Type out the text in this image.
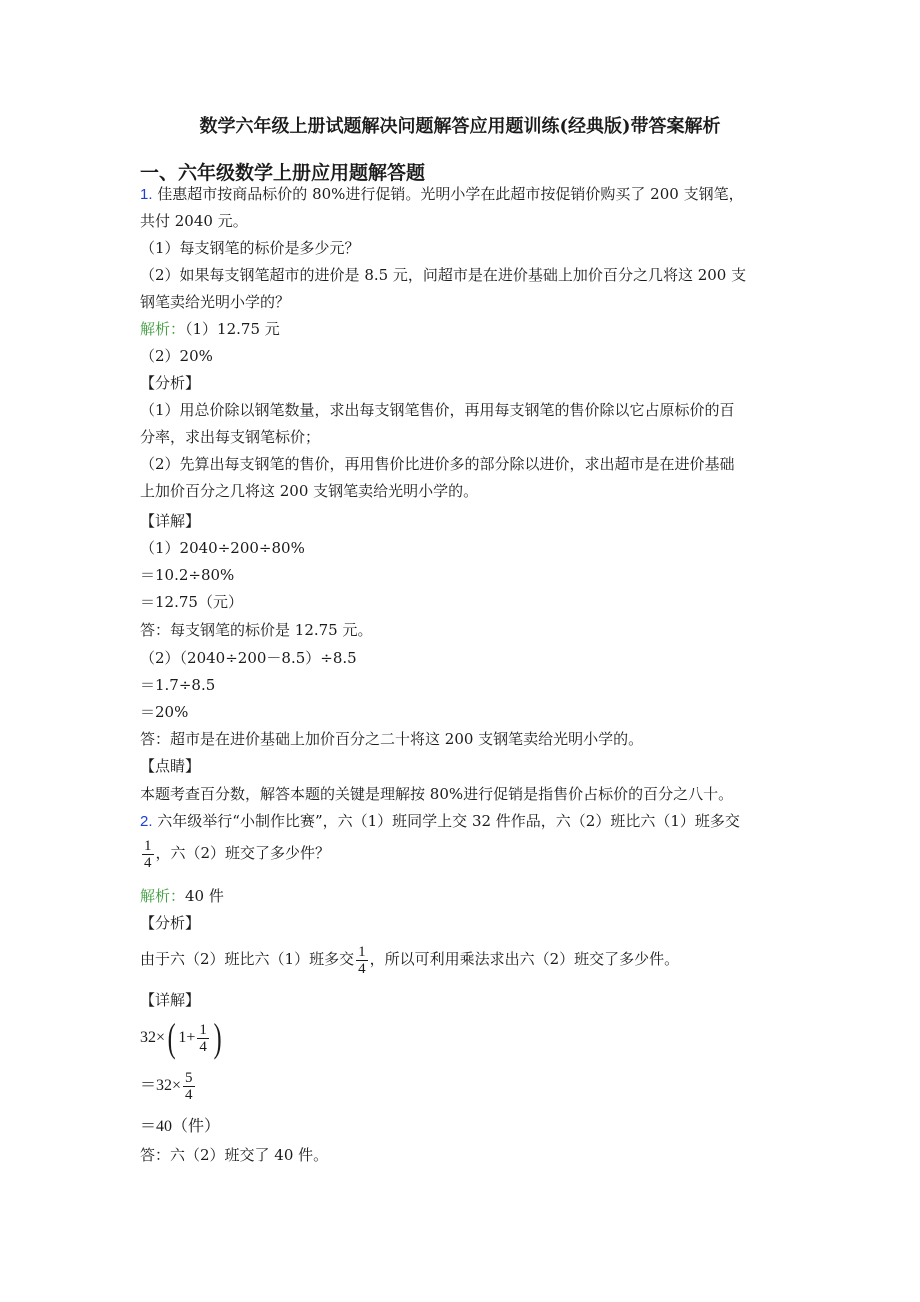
数学六年级上册试题解决问题解答应用题训练(经典版)带答案解析
一、六年级数学上册应用题解答题
1. 佳惠超市按商品标价的 80%进行促销。光明小学在此超市按促销价购买了 200 支钢笔，
共付 2040 元。
（1）每支钢笔的标价是多少元？
（2）如果每支钢笔超市的进价是 8.5 元，问超市是在进价基础上加价百分之几将这 200 支
钢笔卖给光明小学的？
解析：（1）12.75 元
（2）20%
【分析】
（1）用总价除以钢笔数量，求出每支钢笔售价，再用每支钢笔的售价除以它占原标价的百
分率，求出每支钢笔标价；
（2）先算出每支钢笔的售价，再用售价比进价多的部分除以进价，求出超市是在进价基础
上加价百分之几将这 200 支钢笔卖给光明小学的。
【详解】
（1）2040÷200÷80%
＝10.2÷80%
＝12.75（元）
答：每支钢笔的标价是 12.75 元。
（2）（2040÷200－8.5）÷8.5
＝1.7÷8.5
＝20%
答：超市是在进价基础上加价百分之二十将这 200 支钢笔卖给光明小学的。
【点睛】
本题考查百分数，解答本题的关键是理解按 80%进行促销是指售价占标价的百分之八十。
2. 六年级举行“小制作比赛”，六（1）班同学上交 32 件作品，六（2）班比六（1）班多交
$\frac{1}{4}$ ，六（2）班交了多少件？
解析：40 件
【分析】
由于六（2）班比六（1）班多交 $\frac{1}{4}$ ，所以可利用乘法求出六（2）班交了多少件。
【详解】
32×( $1+ \frac{1}{4}$ )
$=32\times \frac{5}{4}$
＝40（件）
答：六（2）班交了 40 件。
